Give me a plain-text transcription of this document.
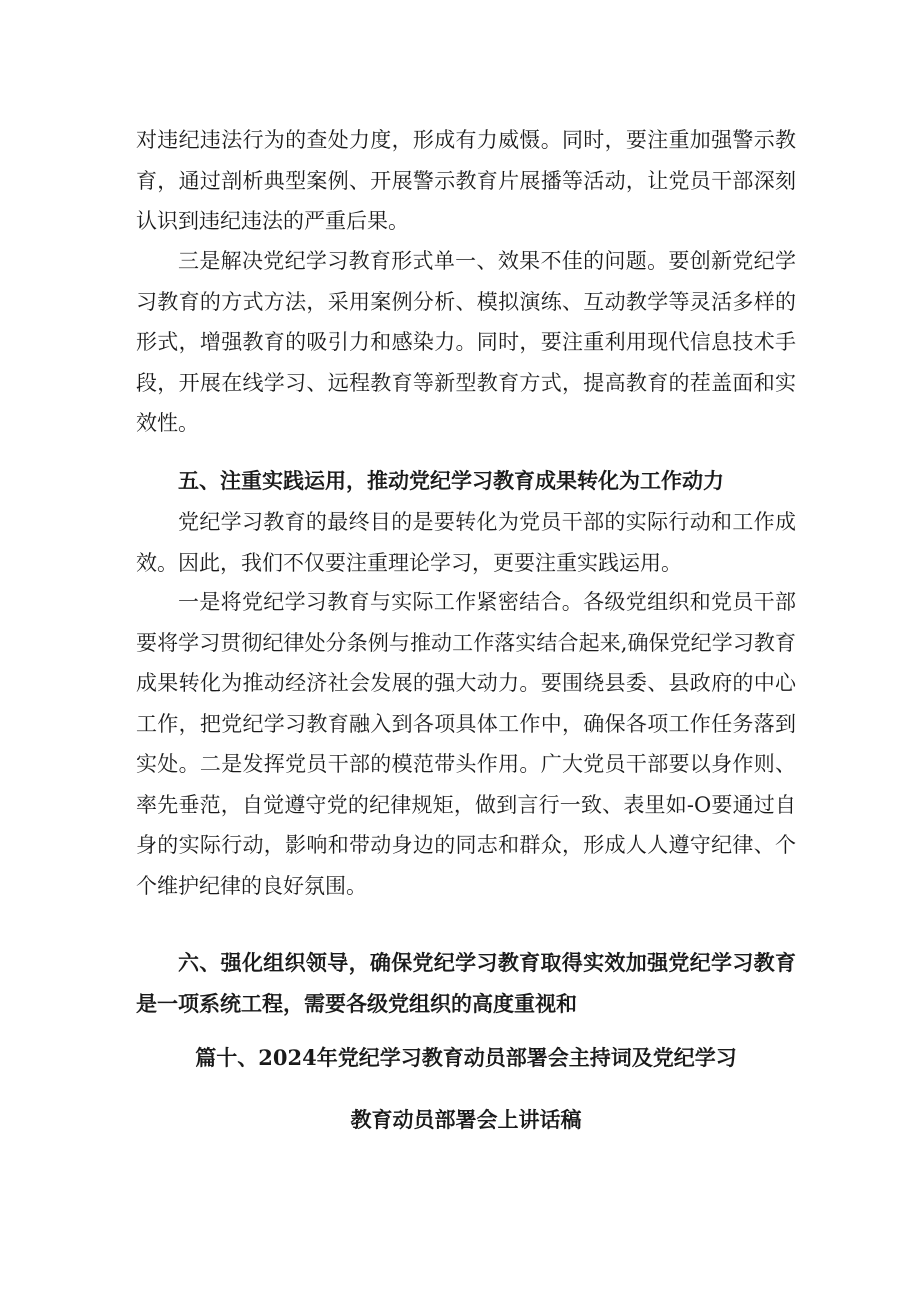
对违纪违法行为的查处力度，形成有力威慑。同时，要注重加强警示教育，通过剖析典型案例、开展警示教育片展播等活动，让党员干部深刻认识到违纪违法的严重后果。

三是解决党纪学习教育形式单一、效果不佳的问题。要创新党纪学习教育的方式方法，采用案例分析、模拟演练、互动教学等灵活多样的形式，增强教育的吸引力和感染力。同时，要注重利用现代信息技术手段，开展在线学习、远程教育等新型教育方式，提高教育的茬盖面和实效性。

五、注重实践运用，推动党纪学习教育成果转化为工作动力

党纪学习教育的最终目的是要转化为党员干部的实际行动和工作成效。因此，我们不仅要注重理论学习，更要注重实践运用。

一是将党纪学习教育与实际工作紧密结合。各级党组织和党员干部要将学习贯彻纪律处分条例与推动工作落实结合起来,确保党纪学习教育成果转化为推动经济社会发展的强大动力。要围绕县委、县政府的中心工作，把党纪学习教育融入到各项具体工作中，确保各项工作任务落到实处。二是发挥党员干部的模范带头作用。广大党员干部要以身作则、率先垂范，自觉遵守党的纪律规矩，做到言行一致、表里如-O要通过自身的实际行动，影响和带动身边的同志和群众，形成人人遵守纪律、个个维护纪律的良好氛围。

六、强化组织领导，确保党纪学习教育取得实效加强党纪学习教育是一项系统工程，需要各级党组织的高度重视和

篇十、2024年党纪学习教育动员部署会主持词及党纪学习

教育动员部署会上讲话稿
